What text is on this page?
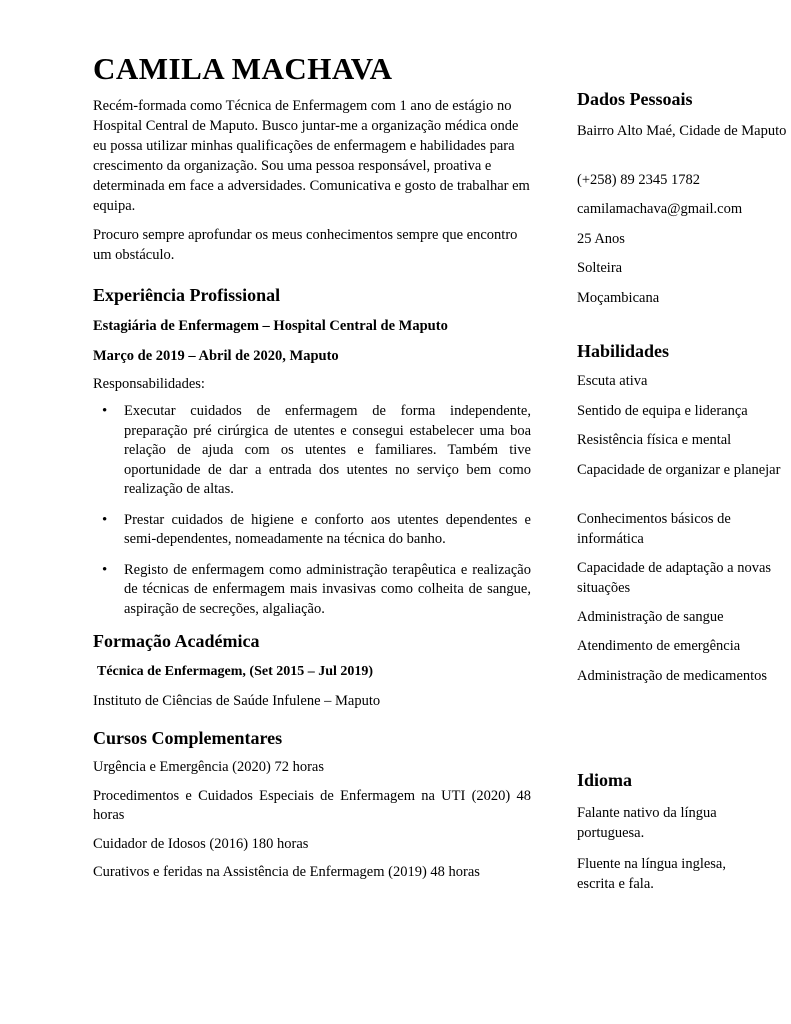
CAMILA MACHAVA

Recém-formada como Técnica de Enfermagem com 1 ano de estágio no Hospital Central de Maputo. Busco juntar-me a organização médica onde eu possa utilizar minhas qualificações de enfermagem e habilidades para crescimento da organização. Sou uma pessoa responsável, proativa e determinada em face a adversidades. Comunicativa e gosto de trabalhar em equipa.

Procuro sempre aprofundar os meus conhecimentos sempre que encontro um obstáculo.

Experiência Profissional

Estagiária de Enfermagem – Hospital Central de Maputo

Março de 2019 – Abril de 2020, Maputo

Responsabilidades:

• Executar cuidados de enfermagem de forma independente, preparação pré cirúrgica de utentes e consegui estabelecer uma boa relação de ajuda com os utentes e familiares. Também tive oportunidade de dar a entrada dos utentes no serviço bem como realização de altas.
• Prestar cuidados de higiene e conforto aos utentes dependentes e semi-dependentes, nomeadamente na técnica do banho.
• Registo de enfermagem como administração terapêutica e realização de técnicas de enfermagem mais invasivas como colheita de sangue, aspiração de secreções, algaliação.
Formação Académica

Técnica de Enfermagem, (Set 2015 – Jul 2019)

Instituto de Ciências de Saúde Infulene – Maputo

Cursos Complementares

Urgência e Emergência (2020) 72 horas

Procedimentos e Cuidados Especiais de Enfermagem na UTI (2020) 48 horas

Cuidador de Idosos (2016) 180 horas

Curativos e feridas na Assistência de Enfermagem (2019) 48 horas

Dados Pessoais

Bairro Alto Maé, Cidade de Maputo

(+258) 89 2345 1782

camilamachava@gmail.com

25 Anos

Solteira

Moçambicana

Habilidades

Escuta ativa

Sentido de equipa e liderança

Resistência física e mental

Capacidade de organizar e planejar

Conhecimentos básicos de informática

Capacidade de adaptação a novas situações

Administração de sangue

Atendimento de emergência

Administração de medicamentos

Idioma

Falante nativo da língua portuguesa.

Fluente na língua inglesa, escrita e fala.
